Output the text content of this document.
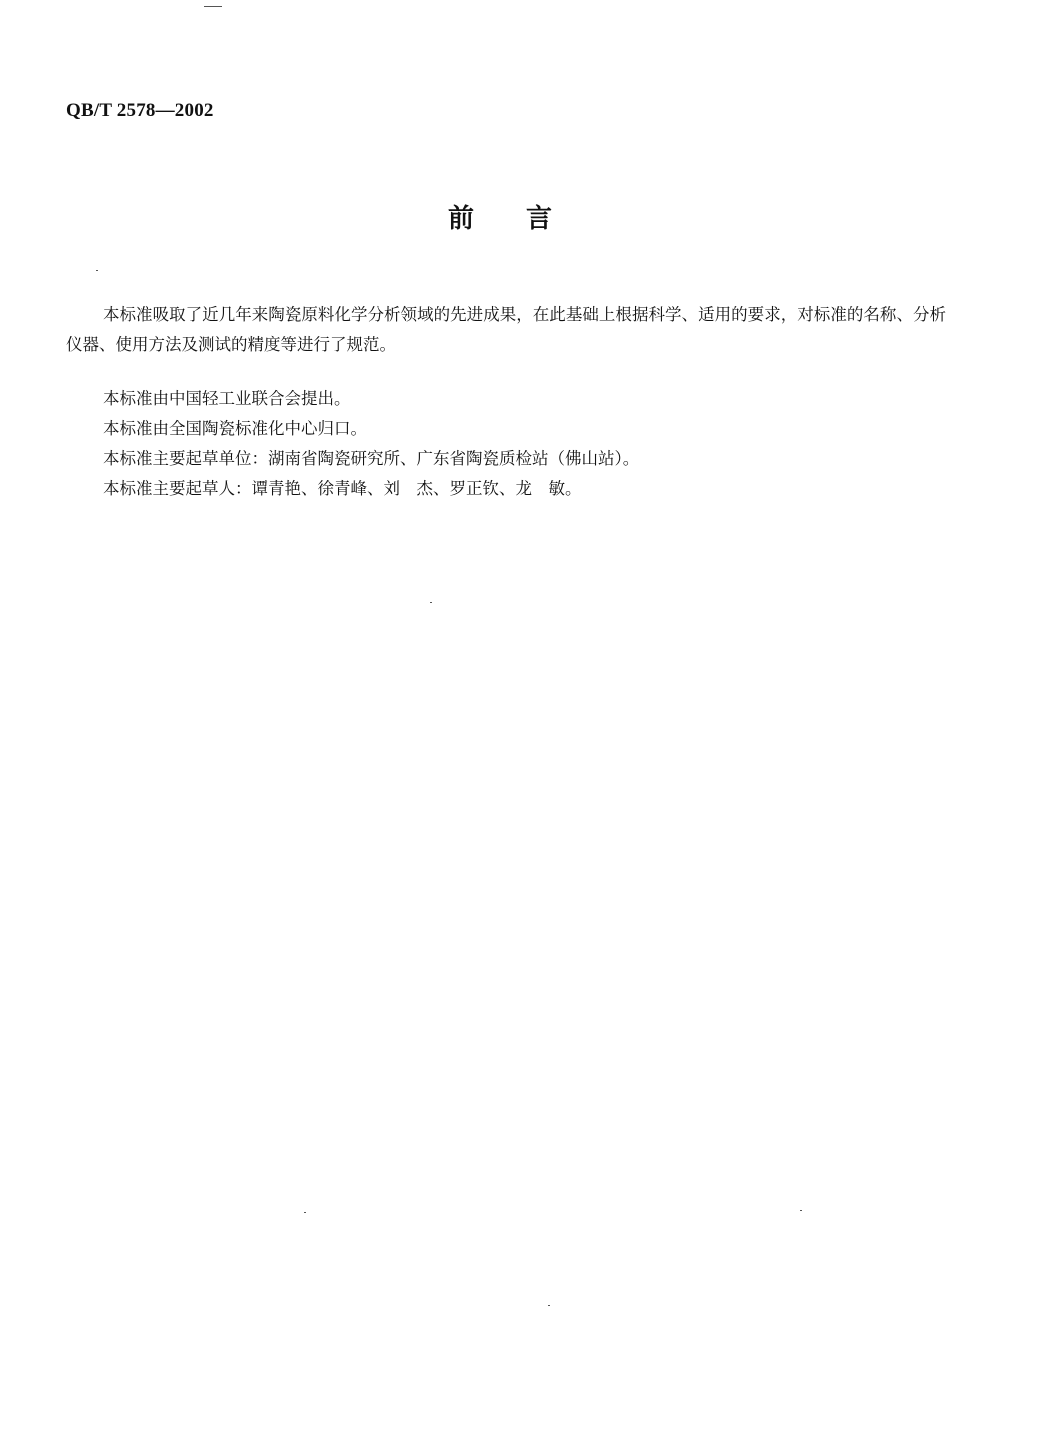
QB/T 2578—2002
前 言

本标准吸取了近几年来陶瓷原料化学分析领域的先进成果，在此基础上根据科学、适用的要求，对标准的名称、分析仪器、使用方法及测试的精度等进行了规范。

本标准由中国轻工业联合会提出。
本标准由全国陶瓷标准化中心归口。
本标准主要起草单位：湖南省陶瓷研究所、广东省陶瓷质检站（佛山站）。
本标准主要起草人：谭青艳、徐青峰、刘　杰、罗正钦、龙　敏。
